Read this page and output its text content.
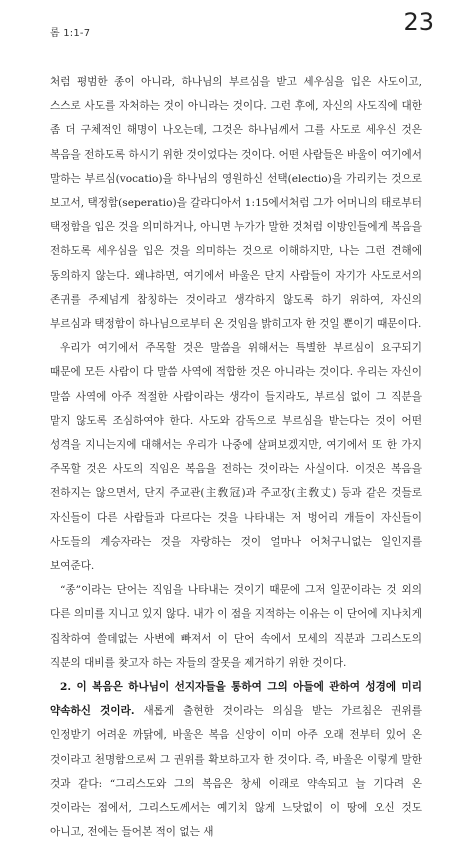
롬 1:1-7	23

처럼 평범한 종이 아니라, 하나님의 부르심을 받고 세우심을 입은 사도이고, 스스로 사도를 자처하는 것이 아니라는 것이다. 그런 후에, 자신의 사도직에 대한 좀 더 구체적인 해명이 나오는데, 그것은 하나님께서 그를 사도로 세우신 것은 복음을 전하도록 하시기 위한 것이었다는 것이다. 어떤 사람들은 바울이 여기에서 말하는 부르심(vocatio)을 하나님의 영원하신 선택(electio)을 가리키는 것으로 보고서, 택정함(seperatio)을 갈라디아서 1:15에서처럼 그가 어머니의 태로부터 택정함을 입은 것을 의미하거나, 아니면 누가가 말한 것처럼 이방인들에게 복음을 전하도록 세우심을 입은 것을 의미하는 것으로 이해하지만, 나는 그런 견해에 동의하지 않는다. 왜냐하면, 여기에서 바울은 단지 사람들이 자기가 사도로서의 존귀를 주제넘게 참칭하는 것이라고 생각하지 않도록 하기 위하여, 자신의 부르심과 택정함이 하나님으로부터 온 것임을 밝히고자 한 것일 뿐이기 때문이다.

우리가 여기에서 주목할 것은 말씀을 위해서는 특별한 부르심이 요구되기 때문에 모든 사람이 다 말씀 사역에 적합한 것은 아니라는 것이다. 우리는 자신이 말씀 사역에 아주 적절한 사람이라는 생각이 들지라도, 부르심 없이 그 직분을 맡지 않도록 조심하여야 한다. 사도와 감독으로 부르심을 받는다는 것이 어떤 성격을 지니는지에 대해서는 우리가 나중에 살펴보겠지만, 여기에서 또 한 가지 주목할 것은 사도의 직임은 복음을 전하는 것이라는 사실이다. 이것은 복음을 전하지는 않으면서, 단지 주교관(主敎冠)과 주교장(主敎丈) 등과 같은 것들로 자신들이 다른 사람들과 다르다는 것을 나타내는 저 벙어리 개들이 자신들이 사도들의 계승자라는 것을 자랑하는 것이 얼마나 어처구니없는 일인지를 보여준다.

“종”이라는 단어는 직임을 나타내는 것이기 때문에 그저 일꾼이라는 것 외의 다른 의미를 지니고 있지 않다. 내가 이 점을 지적하는 이유는 이 단어에 지나치게 집착하여 쓸데없는 사변에 빠져서 이 단어 속에서 모세의 직분과 그리스도의 직분의 대비를 찾고자 하는 자들의 잘못을 제거하기 위한 것이다.

2. 이 복음은 하나님이 선지자들을 통하여 그의 아들에 관하여 성경에 미리 약속하신 것이라. 새롭게 출현한 것이라는 의심을 받는 가르침은 권위를 인정받기 어려운 까닭에, 바울은 복음 신앙이 이미 아주 오래 전부터 있어 온 것이라고 천명함으로써 그 권위를 확보하고자 한 것이다. 즉, 바울은 이렇게 말한 것과 같다: “그리스도와 그의 복음은 창세 이래로 약속되고 늘 기다려 온 것이라는 점에서, 그리스도께서는 예기치 않게 느닷없이 이 땅에 오신 것도 아니고, 전에는 들어본 적이 없는 새
